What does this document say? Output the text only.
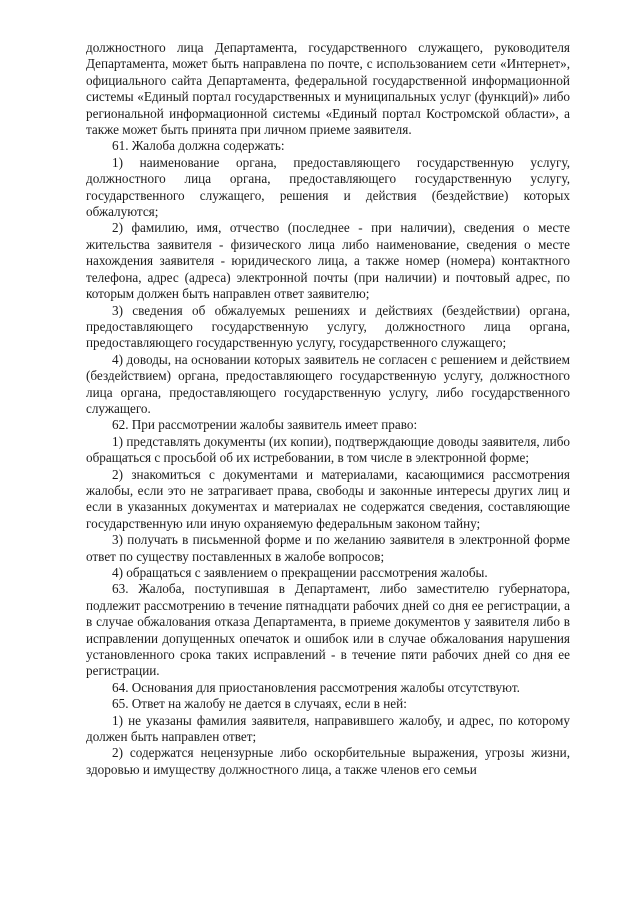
должностного лица Департамента, государственного служащего, руководителя Департамента, может быть направлена по почте, с использованием сети «Интернет», официального сайта Департамента, федеральной государственной информационной системы «Единый портал государственных и муниципальных услуг (функций)» либо региональной информационной системы «Единый портал Костромской области», а также может быть принята при личном приеме заявителя.

61. Жалоба должна содержать:

1) наименование органа, предоставляющего государственную услугу, должностного лица органа, предоставляющего государственную услугу, государственного служащего, решения и действия (бездействие) которых обжалуются;

2) фамилию, имя, отчество (последнее - при наличии), сведения о месте жительства заявителя - физического лица либо наименование, сведения о месте нахождения заявителя - юридического лица, а также номер (номера) контактного телефона, адрес (адреса) электронной почты (при наличии) и почтовый адрес, по которым должен быть направлен ответ заявителю;

3) сведения об обжалуемых решениях и действиях (бездействии) органа, предоставляющего государственную услугу, должностного лица органа, предоставляющего государственную услугу, государственного служащего;

4) доводы, на основании которых заявитель не согласен с решением и действием (бездействием) органа, предоставляющего государственную услугу, должностного лица органа, предоставляющего государственную услугу, либо государственного служащего.

62. При рассмотрении жалобы заявитель имеет право:

1) представлять документы (их копии), подтверждающие доводы заявителя, либо обращаться с просьбой об их истребовании, в том числе в электронной форме;

2) знакомиться с документами и материалами, касающимися рассмотрения жалобы, если это не затрагивает права, свободы и законные интересы других лиц и если в указанных документах и материалах не содержатся сведения, составляющие государственную или иную охраняемую федеральным законом тайну;

3) получать в письменной форме и по желанию заявителя в электронной форме ответ по существу поставленных в жалобе вопросов;

4) обращаться с заявлением о прекращении рассмотрения жалобы.

63. Жалоба, поступившая в Департамент, либо заместителю губернатора, подлежит рассмотрению в течение пятнадцати рабочих дней со дня ее регистрации, а в случае обжалования отказа Департамента, в приеме документов у заявителя либо в исправлении допущенных опечаток и ошибок или в случае обжалования нарушения установленного срока таких исправлений - в течение пяти рабочих дней со дня ее регистрации.

64. Основания для приостановления рассмотрения жалобы отсутствуют.

65. Ответ на жалобу не дается в случаях, если в ней:

1) не указаны фамилия заявителя, направившего жалобу, и адрес, по которому должен быть направлен ответ;

2) содержатся нецензурные либо оскорбительные выражения, угрозы жизни, здоровью и имуществу должностного лица, а также членов его семьи
